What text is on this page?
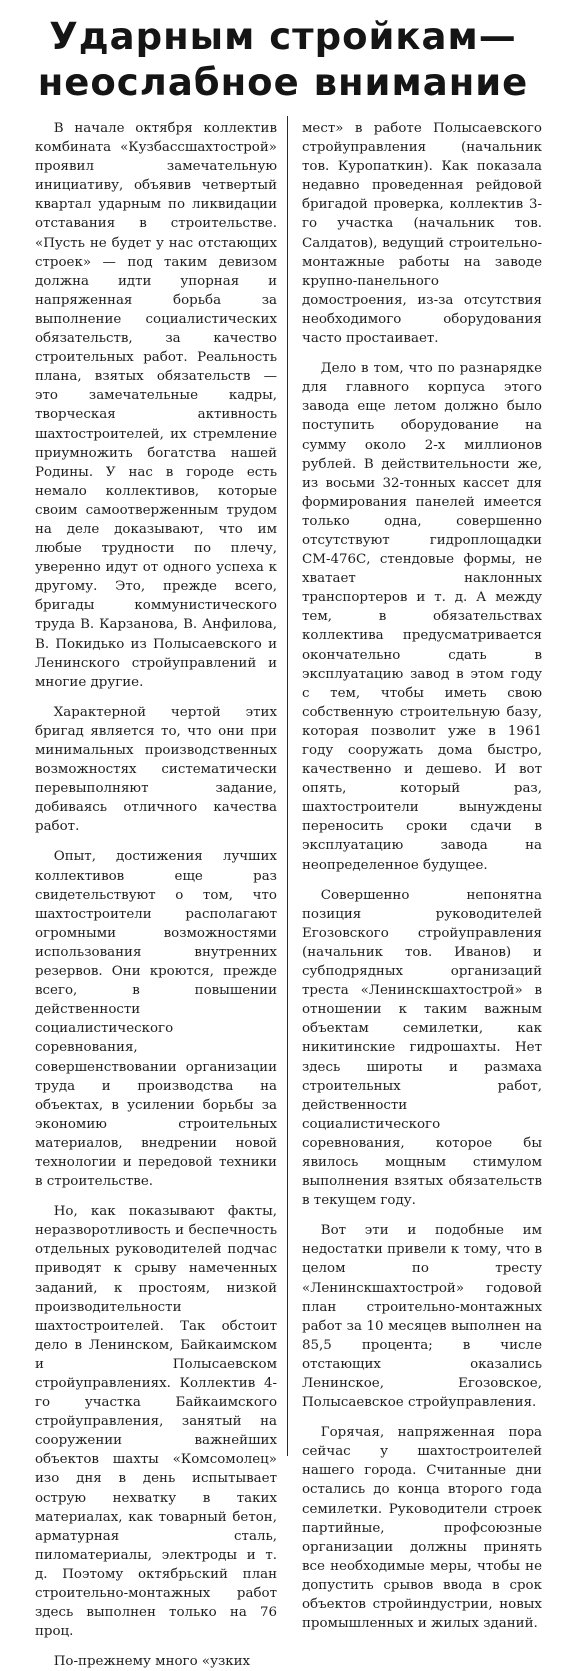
Ударным стройкам—
неослабное внимание

В начале октября коллектив комбината «Кузбассшахтострой» проявил замечательную инициативу, объявив четвертый квартал ударным по ликвидации отставания в строительстве. «Пусть не будет у нас отстающих строек» — под таким девизом должна идти упорная и напряженная борьба за выполнение социалистических обязательств, за качество строительных работ. Реальность плана, взятых обязательств — это замечательные кадры, творческая активность шахтостроителей, их стремление приумножить богатства нашей Родины. У нас в городе есть немало коллективов, которые своим самоотверженным трудом на деле доказывают, что им любые трудности по плечу, уверенно идут от одного успеха к другому. Это, прежде всего, бригады коммунистического труда В. Карзанова, В. Анфилова, В. Покидько из Полысаевского и Ленинского стройуправлений и многие другие.

Характерной чертой этих бригад является то, что они при минимальных производственных возможностях систематически перевыполняют задание, добиваясь отличного качества работ.

Опыт, достижения лучших коллективов еще раз свидетельствуют о том, что шахтостроители располагают огромными возможностями использования внутренних резервов. Они кроются, прежде всего, в повышении действенности социалистического соревнования, совершенствовании организации труда и производства на объектах, в усилении борьбы за экономию строительных материалов, внедрении новой технологии и передовой техники в строительстве.

Но, как показывают факты, неразворотливость и беспечность отдельных руководителей подчас приводят к срыву намеченных заданий, к простоям, низкой производительности шахтостроителей. Так обстоит дело в Ленинском, Байкаимском и Полысаевском стройуправлениях. Коллектив 4-го участка Байкаимского стройуправления, занятый на сооружении важнейших объектов шахты «Комсомолец» изо дня в день испытывает острую нехватку в таких материалах, как товарный бетон, арматурная сталь, пиломатериалы, электроды и т. д. Поэтому октябрьский план строительно-монтажных работ здесь выполнен только на 76 проц.

По-прежнему много «узких

мест» в работе Полысаевского стройуправления (начальник тов. Куропаткин). Как показала недавно проведенная рейдовой бригадой проверка, коллектив 3-го участка (начальник тов. Салдатов), ведущий строительно-монтажные работы на заводе крупно-панельного домостроения, из-за отсутствия необходимого оборудования часто простаивает.

Дело в том, что по разнарядке для главного корпуса этого завода еще летом должно было поступить оборудование на сумму около 2-х миллионов рублей. В действительности же, из восьми 32-тонных кассет для формирования панелей имеется только одна, совершенно отсутствуют гидроплощадки СМ-476С, стендовые формы, не хватает наклонных транспортеров и т. д. А между тем, в обязательствах коллектива предусматривается окончательно сдать в эксплуатацию завод в этом году с тем, чтобы иметь свою собственную строительную базу, которая позволит уже в 1961 году сооружать дома быстро, качественно и дешево. И вот опять, который раз, шахтостроители вынуждены переносить сроки сдачи в эксплуатацию завода на неопределенное будущее.

Совершенно непонятна позиция руководителей Егозовского стройуправления (начальник тов. Иванов) и субподрядных организаций треста «Ленинскшахтострой» в отношении к таким важным объектам семилетки, как никитинские гидрошахты. Нет здесь широты и размаха строительных работ, действенности социалистического соревнования, которое бы явилось мощным стимулом выполнения взятых обязательств в текущем году.

Вот эти и подобные им недостатки привели к тому, что в целом по тресту «Ленинскшахтострой» годовой план строительно-монтажных работ за 10 месяцев выполнен на 85,5 процента; в числе отстающих оказались Ленинское, Егозовское, Полысаевское стройуправления.

Горячая, напряженная пора сейчас у шахтостроителей нашего города. Считанные дни остались до конца второго года семилетки. Руководители строек партийные, профсоюзные организации должны принять все необходимые меры, чтобы не допустить срывов ввода в срок объектов стройиндустрии, новых промышленных и жилых зданий.
